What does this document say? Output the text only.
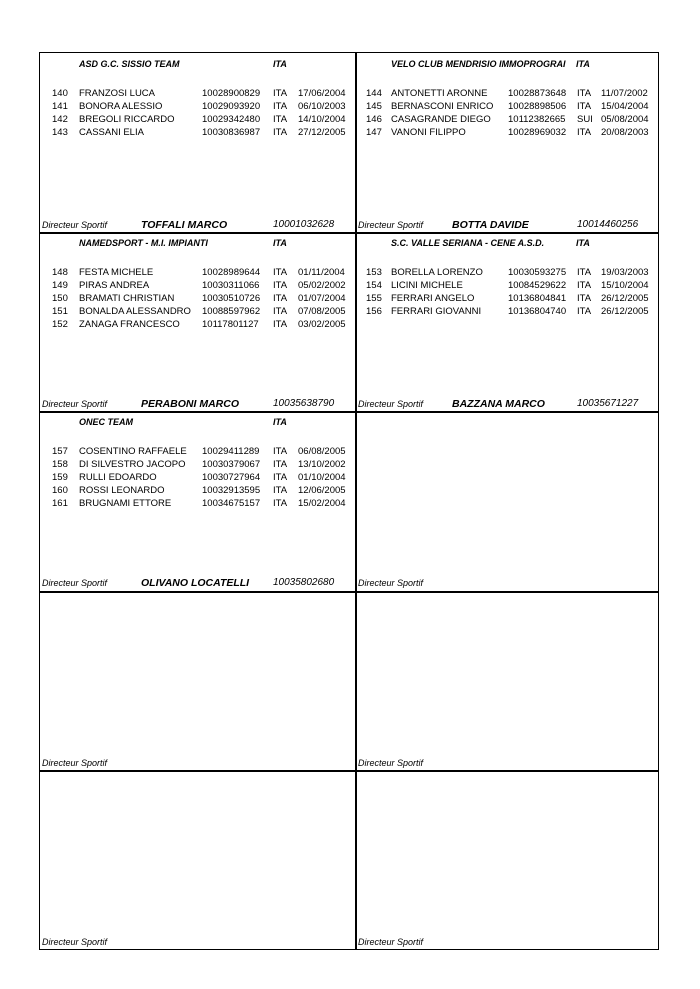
ASD G.C. SISSIO TEAM	ITA
140 FRANZOSI LUCA	10028900829 ITA 17/06/2004
141 BONORA ALESSIO	10029093920 ITA 06/10/2003
142 BREGOLI RICCARDO	10029342480 ITA 14/10/2004
143 CASSANI ELIA	10030836987 ITA 27/12/2005
Directeur Sportif	TOFFALI MARCO	10001032628
VELO CLUB MENDRISIO IMMOPROGRAI ITA
144 ANTONETTI ARONNE 10028873648 ITA 11/07/2002
145 BERNASCONI ENRICO 10028898506 ITA 15/04/2004
146 CASAGRANDE DIEGO 10112382665 SUI 05/08/2004
147 VANONI FILIPPO	10028969032 ITA 20/08/2003
Directeur Sportif	BOTTA DAVIDE	10014460256
NAMEDSPORT - M.I. IMPIANTI	ITA
148 FESTA MICHELE	10028989644 ITA 01/11/2004
149 PIRAS ANDREA	10030311066 ITA 05/02/2002
150 BRAMATI CHRISTIAN	10030510726 ITA 01/07/2004
151 BONALDA ALESSANDRO 10088597962 ITA 07/08/2005
152 ZANAGA FRANCESCO 10117801127 ITA 03/02/2005
Directeur Sportif	PERABONI MARCO	10035638790
S.C. VALLE SERIANA - CENE A.S.D.	ITA
153 BORELLA LORENZO	10030593275 ITA 19/03/2003
154 LICINI MICHELE	10084529622 ITA 15/10/2004
155 FERRARI ANGELO	10136804841 ITA 26/12/2005
156 FERRARI GIOVANNI	10136804740 ITA 26/12/2005
Directeur Sportif	BAZZANA MARCO	10035671227
ONEC TEAM	ITA
157 COSENTINO RAFFAELE 10029411289 ITA 06/08/2005
158 DI SILVESTRO JACOPO 10030379067 ITA 13/10/2002
159 RULLI EDOARDO	10030727964 ITA 01/10/2004
160 ROSSI LEONARDO	10032913595 ITA 12/06/2005
161 BRUGNAMI ETTORE	10034675157 ITA 15/02/2004
Directeur Sportif	OLIVANO LOCATELLI 10035802680	Directeur Sportif
Directeur Sportif	Directeur Sportif
Directeur Sportif	Directeur Sportif
